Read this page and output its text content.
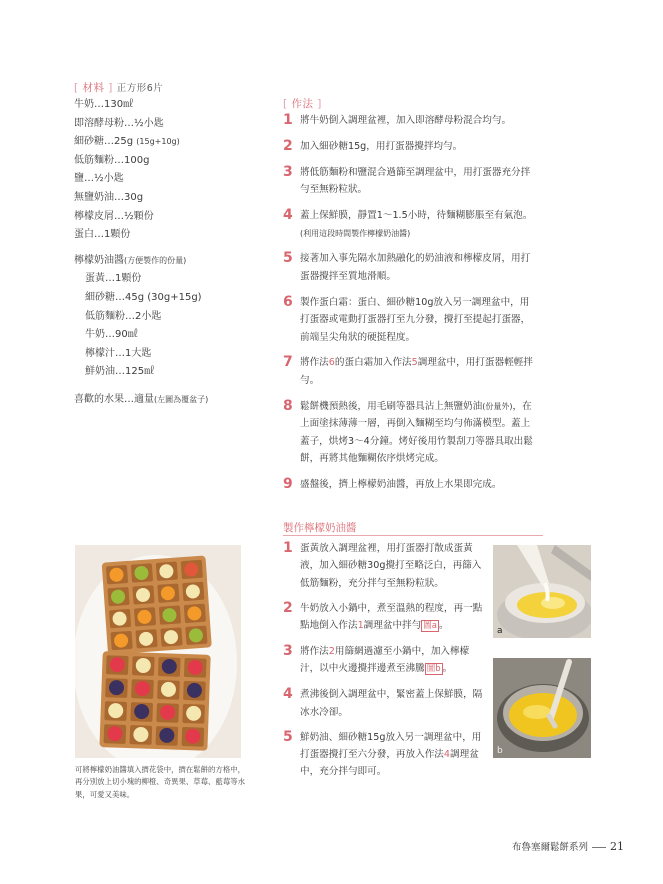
[ 材料 ] 正方形6片
牛奶…130㎖
即溶酵母粉…½小匙
細砂糖…25g (15g+10g)
低筋麵粉…100g
鹽…½小匙
無鹽奶油…30g
檸檬皮屑…½顆份
蛋白…1顆份
檸檬奶油醬(方便製作的份量)
蛋黃…1顆份
細砂糖…45g (30g+15g)
低筋麵粉…2小匙
牛奶…90㎖
檸檬汁…1大匙
鮮奶油…125㎖
喜歡的水果…適量(左圖為覆盆子)
[ 作法 ]
1 將牛奶倒入調理盆裡，加入即溶酵母粉混合均勻。
2 加入細砂糖15g，用打蛋器攪拌均勻。
3 將低筋麵粉和鹽混合過篩至調理盆中，用打蛋器充分拌勻至無粉粒狀。
4 蓋上保鮮膜，靜置1～1.5小時，待麵糊膨脹至有氣泡。(利用這段時間製作檸檬奶油醬)
5 接著加入事先隔水加熱融化的奶油液和檸檬皮屑，用打蛋器攪拌至質地滑順。
6 製作蛋白霜：蛋白、細砂糖10g放入另一調理盆中，用打蛋器或電動打蛋器打至九分發，攪打至提起打蛋器，前端呈尖角狀的硬挺程度。
7 將作法6的蛋白霜加入作法5調理盆中，用打蛋器輕輕拌勻。
8 鬆餅機預熱後，用毛刷等器具沾上無鹽奶油(份量外)，在上面塗抹薄薄一層，再倒入麵糊至均勻佈滿模型。蓋上蓋子，烘烤3～4分鐘。烤好後用竹製刮刀等器具取出鬆餅，再將其他麵糊依序烘烤完成。
9 盛盤後，擠上檸檬奶油醬，再放上水果即完成。
製作檸檬奶油醬
1 蛋黃放入調理盆裡，用打蛋器打散成蛋黃液，加入細砂糖30g攪打至略泛白，再篩入低筋麵粉，充分拌勻至無粉粒狀。
2 牛奶放入小鍋中，煮至溫熱的程度，再一點點地倒入作法1調理盆中拌勻 圖a 。
3 將作法2用篩網過濾至小鍋中，加入檸檬汁，以中火邊攪拌邊煮至沸騰 圖b 。
4 煮沸後倒入調理盆中，緊密蓋上保鮮膜，隔冰水冷卻。
5 鮮奶油、細砂糖15g放入另一調理盆中，用打蛋器攪打至六分發，再放入作法4調理盆中，充分拌勻即可。
可將檸檬奶油醬填入擠花袋中，擠在鬆餅的方格中，再分別放上切小塊的柳橙、奇異果、草莓、藍莓等水果，可愛又美味。
a
b
布魯塞爾鬆餅系列 21
